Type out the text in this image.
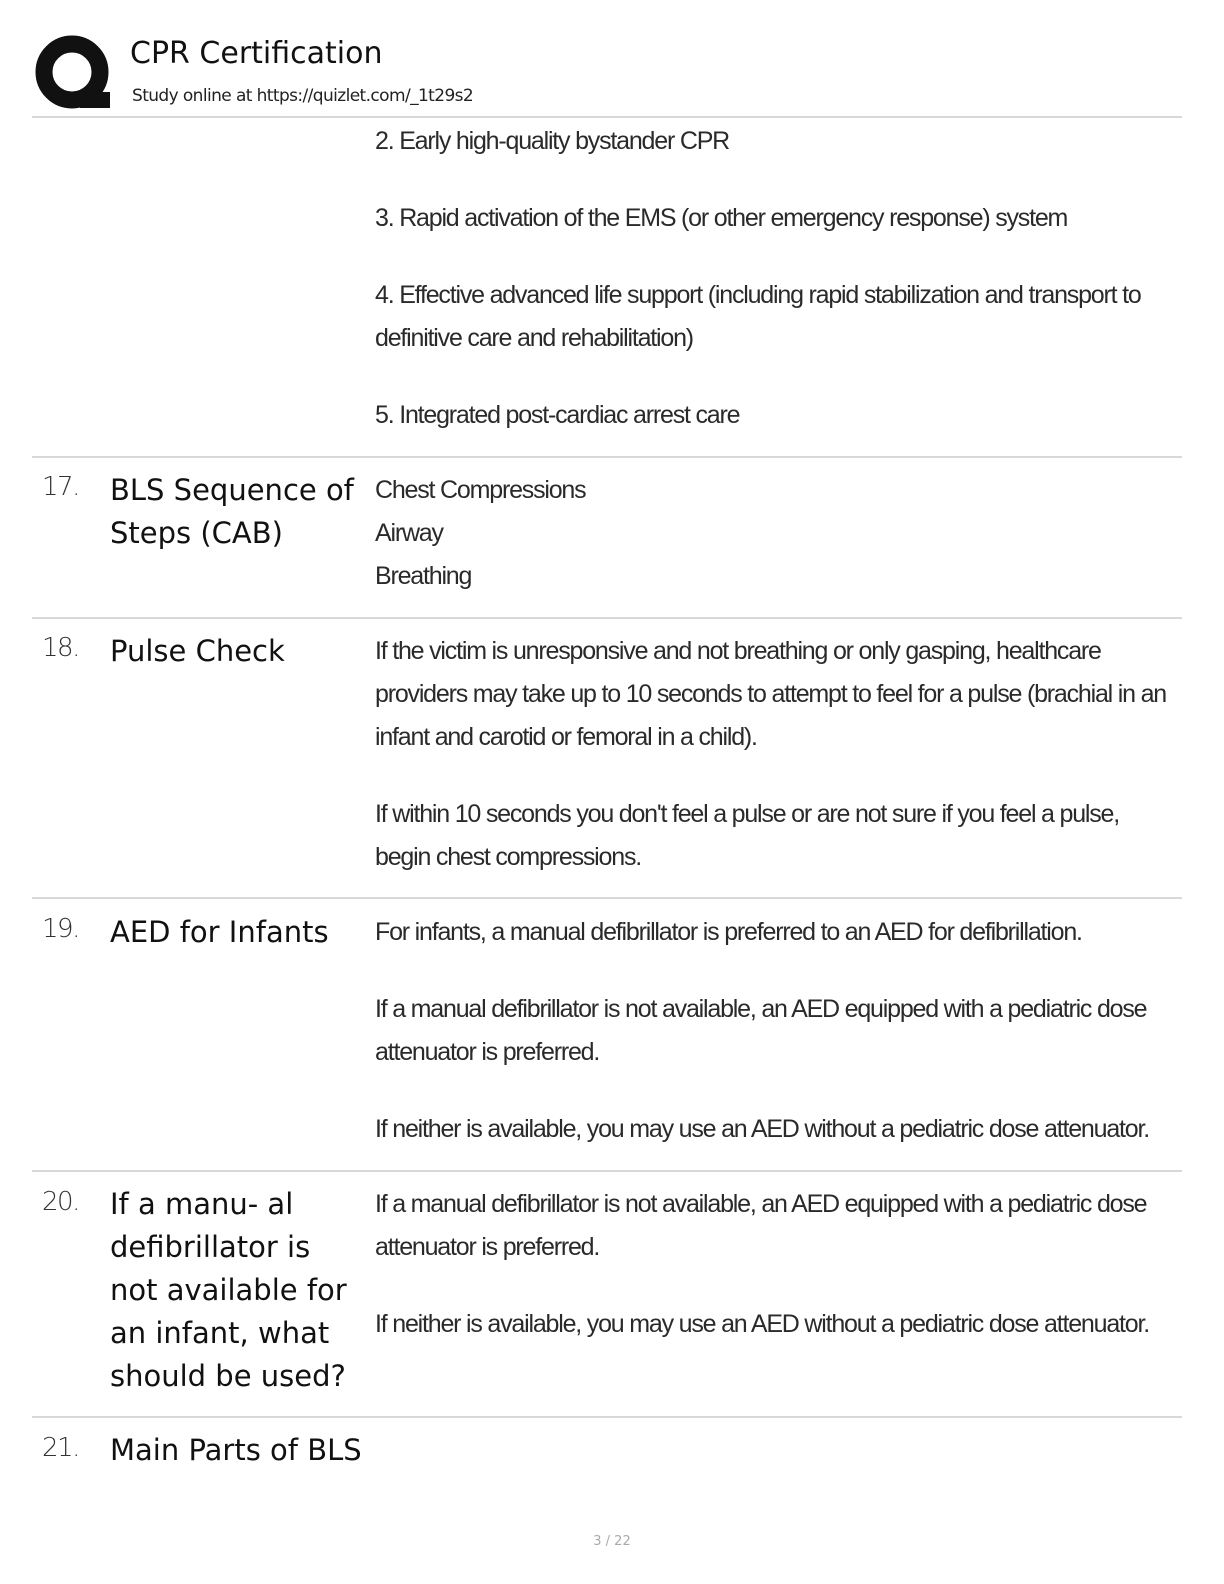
CPR Certification
Study online at https://quizlet.com/_1t29s2

2. Early high-quality bystander CPR

3. Rapid activation of the EMS (or other emergency response) system

4. Effective advanced life support (including rapid stabilization and transport to definitive care and rehabilitation)

5. Integrated post-cardiac arrest care

17. BLS Sequence of Steps (CAB)
Chest Compressions
Airway
Breathing
18. Pulse Check	If the victim is unresponsive and not breathing or only gasping, healthcare providers may take up to 10 seconds to attempt to feel for a pulse (brachial in an infant and carotid or femoral in a child).

If within 10 seconds you don't feel a pulse or are not sure if you feel a pulse, begin chest compressions.

19. AED for Infants	For infants, a manual defibrillator is preferred to an AED for defibrillation.

If a manual defibrillator is not available, an AED equipped with a pediatric dose attenuator is preferred.

If neither is available, you may use an AED without a pediatric dose attenuator.

20. If a manu- al defibrillator is not available for an infant, what should be used?

If a manual defibrillator is not available, an AED equipped with a pediatric dose attenuator is preferred.

If neither is available, you may use an AED without a pediatric dose attenuator.

21. Main Parts of BLS
3 / 22
